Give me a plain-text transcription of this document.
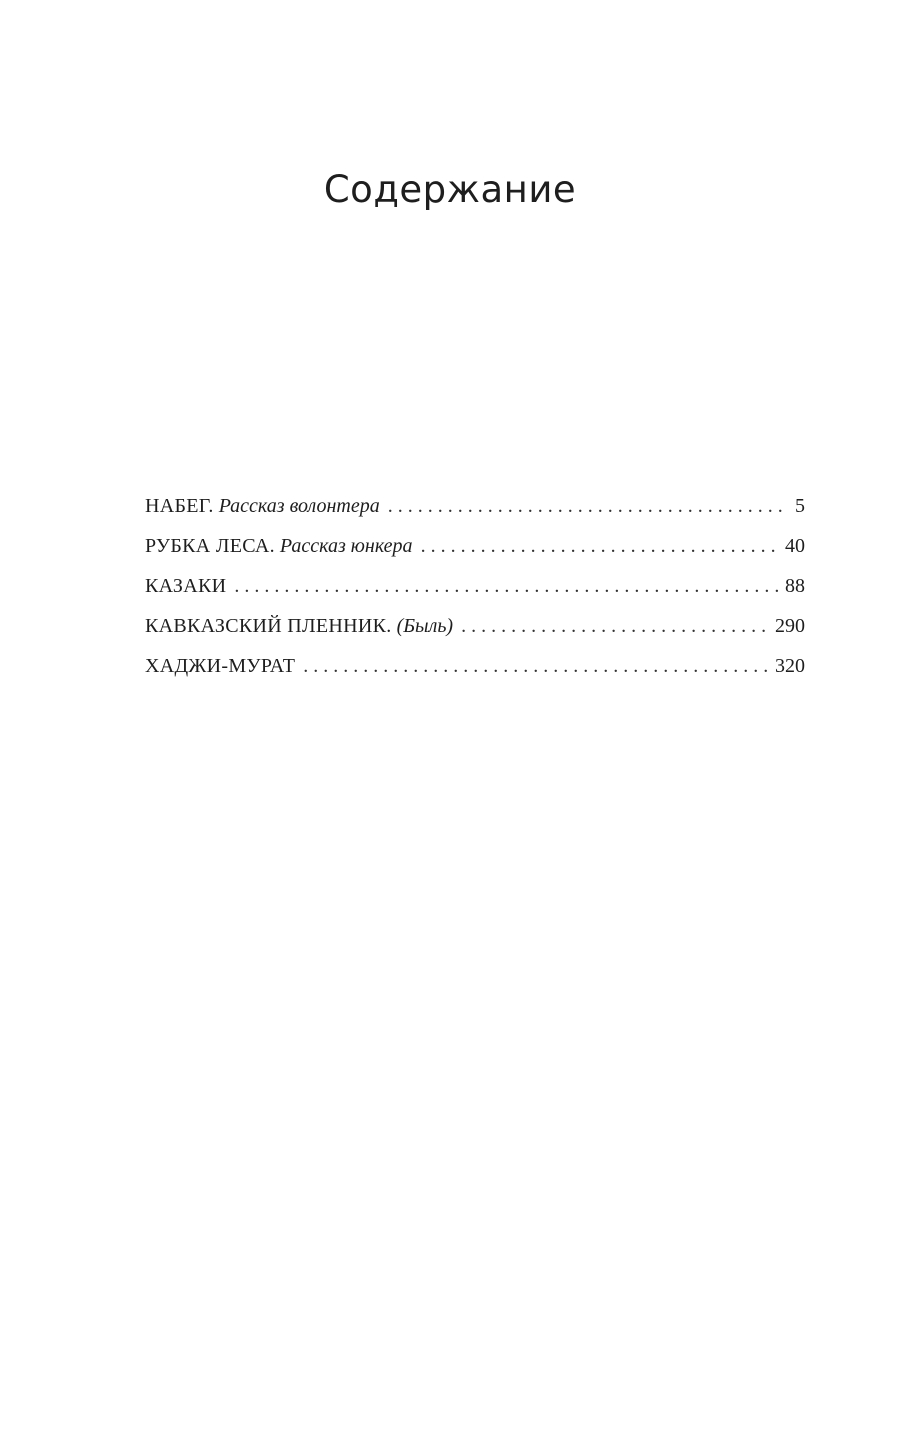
Содержание
НАБЕГ. Рассказ волонтера . . .	5
РУБКА ЛЕСА. Рассказ юнкера . . .	40
КАЗАКИ . . .	88
КАВКАЗСКИЙ ПЛЕННИК. (Быль) . . .	290
ХАДЖИ-МУРАТ . . .	320
